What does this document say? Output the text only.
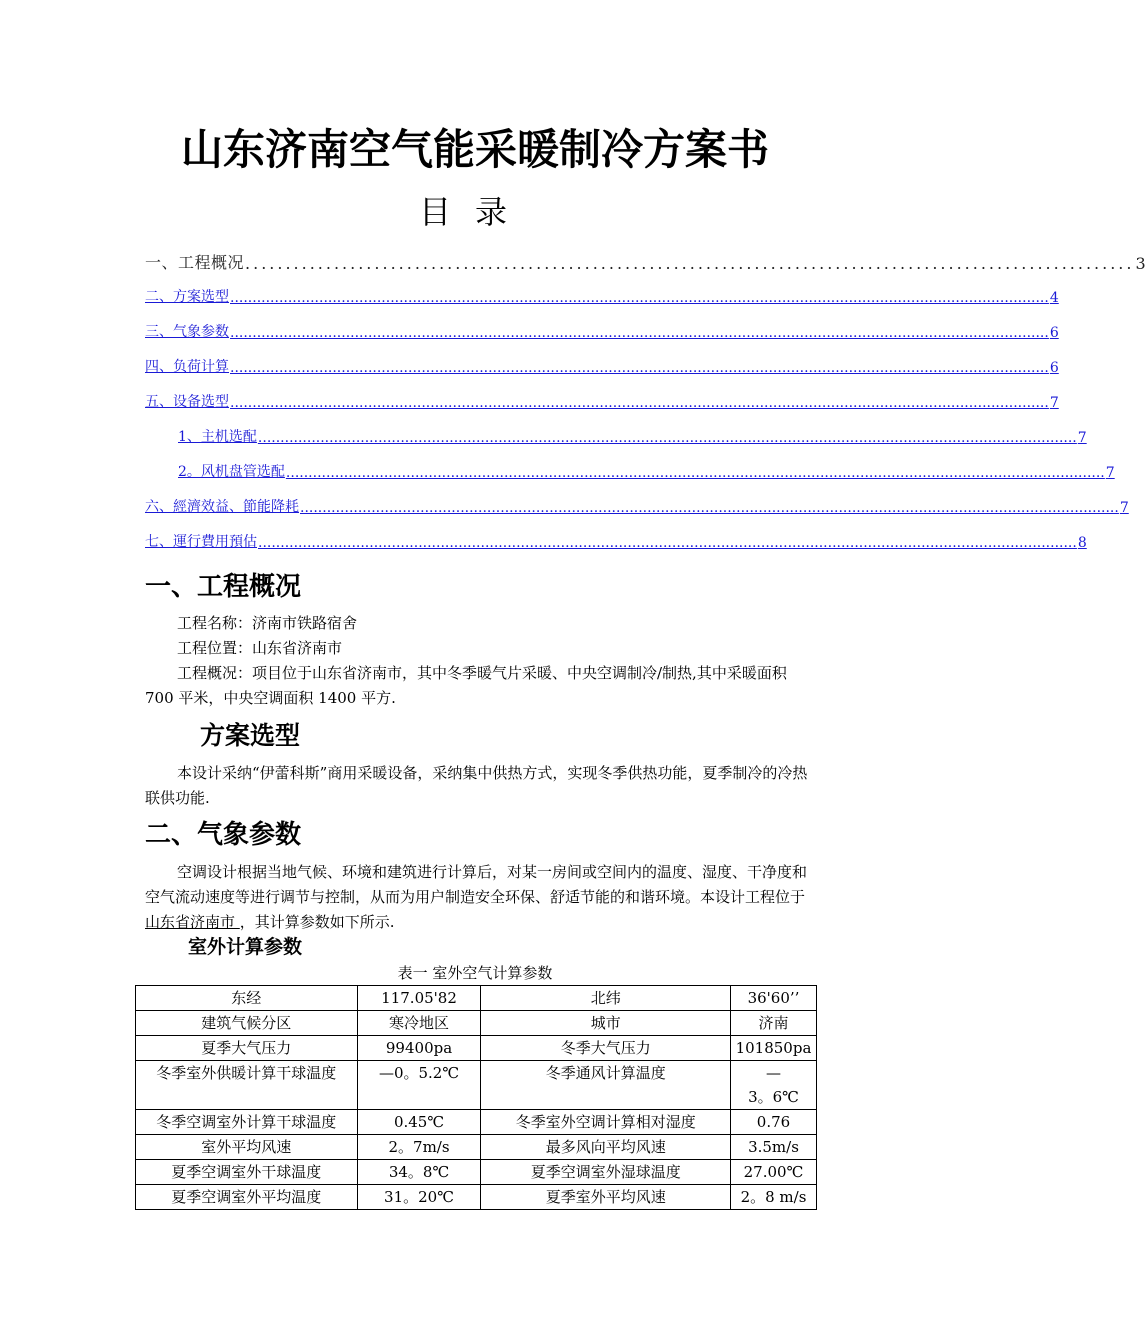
山东济南空气能采暖制冷方案书
目录
一、工程概况 .............................................................................................................. 3
二、方案选型 ........................................................................................................................................................................................ 4
三、气象参数 ........................................................................................................................................................................................ 6
四、负荷计算 ........................................................................................................................................................................................ 6
五、设备选型 ........................................................................................................................................................................................ 7
1、主机选配 ........................................................................................................................................................................................ 7
2。风机盘管选配 ........................................................................................................................................................................................ 7
六、經濟效益、節能降耗 ........................................................................................................................................................................................ 7
七、運行費用預估 ........................................................................................................................................................................................ 8
一、工程概况

工程名称：济南市铁路宿舍

工程位置：山东省济南市

工程概况：项目位于山东省济南市，其中冬季暖气片采暖、中央空调制冷/制热,其中采暖面积 700 平米，中央空调面积 1400 平方.

方案选型

本设计采纳“伊蕾科斯”商用采暖设备，采纳集中供热方式，实现冬季供热功能，夏季制冷的冷热联供功能.

二、气象参数

空调设计根据当地气候、环境和建筑进行计算后，对某一房间或空间内的温度、湿度、干净度和空气流动速度等进行调节与控制，从而为用户制造安全环保、舒适节能的和谐环境。本设计工程位于 山东省济南市 ，其计算参数如下所示.

室外计算参数
表一 室外空气计算参数
东经	117.05'82	北纬	36'60’’
建筑气候分区	寒冷地区	城市	济南
夏季大气压力	99400pa	冬季大气压力	101850pa
冬季室外供暖计算干球温度	—0。5.2℃	冬季通风计算温度	—
3。6℃

冬季空调室外计算干球温度	0.45℃	冬季室外空调计算相对湿度	0.76
室外平均风速	2。7m/s	最多风向平均风速	3.5m/s
夏季空调室外干球温度	34。8℃	夏季空调室外湿球温度	27.00℃
夏季空调室外平均温度	31。20℃	夏季室外平均风速	2。8 m/s
